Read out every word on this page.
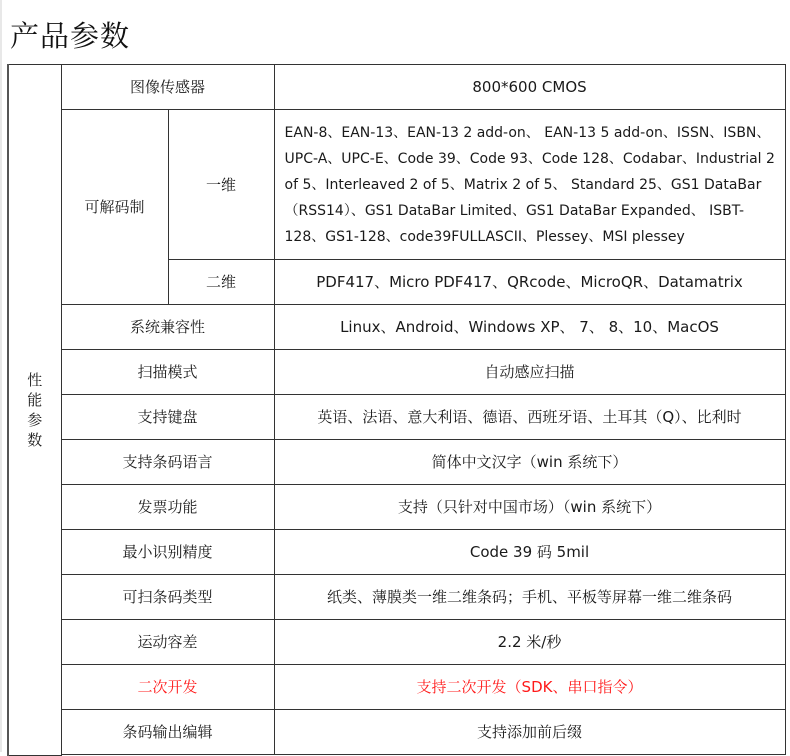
产品参数
性
能
参
数	图像传感器		800*600 CMOS
	可解码制	一维	EAN-8、EAN-13、EAN-13 2 add-on、 EAN-13 5 add-on、ISSN、ISBN、UPC-A、UPC-E、Code 39、Code 93、Code 128、Codabar、Industrial 2 of 5、Interleaved 2 of 5、Matrix 2 of 5、 Standard 25、GS1 DataBar（RSS14）、GS1 DataBar Limited、GS1 DataBar Expanded、 ISBT-128、GS1-128、code39FULLASCII、Plessey、MSI plessey
		二维	PDF417、Micro PDF417、QRcode、MicroQR、Datamatrix
	系统兼容性		Linux、Android、Windows XP、 7、 8、10、MacOS
	扫描模式		自动感应扫描
	支持键盘		英语、法语、意大利语、德语、西班牙语、土耳其（Q）、比利时
	支持条码语言		简体中文汉字（win 系统下）
	发票功能		支持（只针对中国市场）（win 系统下）
	最小识别精度		Code 39 码 5mil
	可扫条码类型		纸类、薄膜类一维二维条码；手机、平板等屏幕一维二维条码
	运动容差		2.2 米/秒
	二次开发		支持二次开发（SDK、串口指令）
	条码输出编辑		支持添加前后缀
